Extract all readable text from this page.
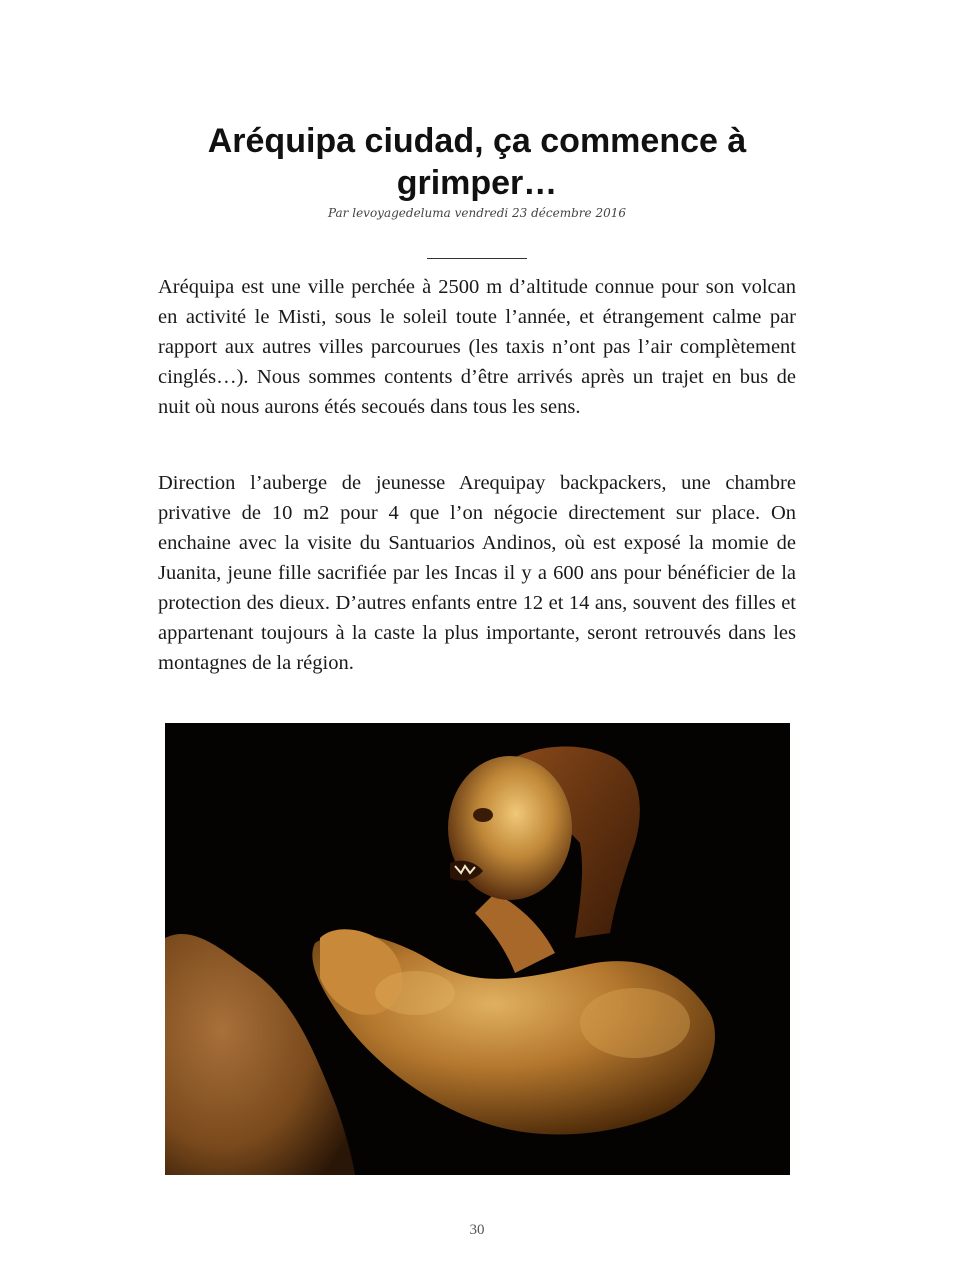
Aréquipa ciudad, ça commence à grimper…
Par levoyagedeluma vendredi 23 décembre 2016

Aréquipa est une ville perchée à 2500 m d’altitude connue pour son volcan en activité le Misti, sous le soleil toute l’année, et étrangement calme par rapport aux autres villes parcourues (les taxis n’ont pas l’air complètement cinglés…). Nous sommes contents d’être arrivés après un trajet en bus de nuit où nous aurons étés secoués dans tous les sens.

Direction l’auberge de jeunesse Arequipay backpackers, une chambre privative de 10 m2 pour 4 que l’on négocie directement sur place. On enchaine avec la visite du Santuarios Andinos, où est exposé la momie de Juanita, jeune fille sacrifiée par les Incas il y a 600 ans pour bénéficier de la protection des dieux. D’autres enfants entre 12 et 14 ans, souvent des filles et appartenant toujours à la caste la plus importante, seront retrouvés dans les montagnes de la région.

30
